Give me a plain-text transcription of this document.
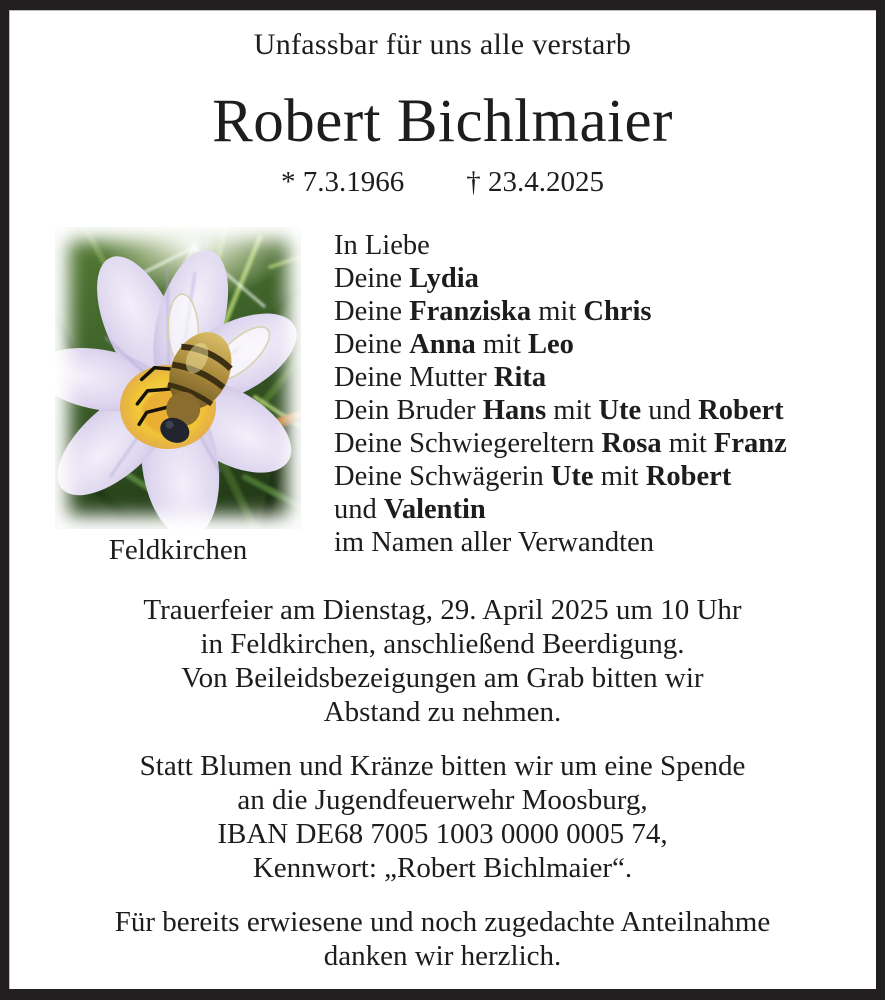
Unfassbar für uns alle verstarb
Robert Bichlmaier
* 7.3.1966 † 23.4.2025
Feldkirchen
In Liebe
Deine Lydia
Deine Franziska mit Chris
Deine Anna mit Leo
Deine Mutter Rita
Dein Bruder Hans mit Ute und Robert
Deine Schwiegereltern Rosa mit Franz
Deine Schwägerin Ute mit Robert
und Valentin
im Namen aller Verwandten
Trauerfeier am Dienstag, 29. April 2025 um 10 Uhr
in Feldkirchen, anschließend Beerdigung.
Von Beileidsbezeigungen am Grab bitten wir
Abstand zu nehmen.
Statt Blumen und Kränze bitten wir um eine Spende
an die Jugendfeuerwehr Moosburg,
IBAN DE68 7005 1003 0000 0005 74,
Kennwort: „Robert Bichlmaier“.
Für bereits erwiesene und noch zugedachte Anteilnahme
danken wir herzlich.
